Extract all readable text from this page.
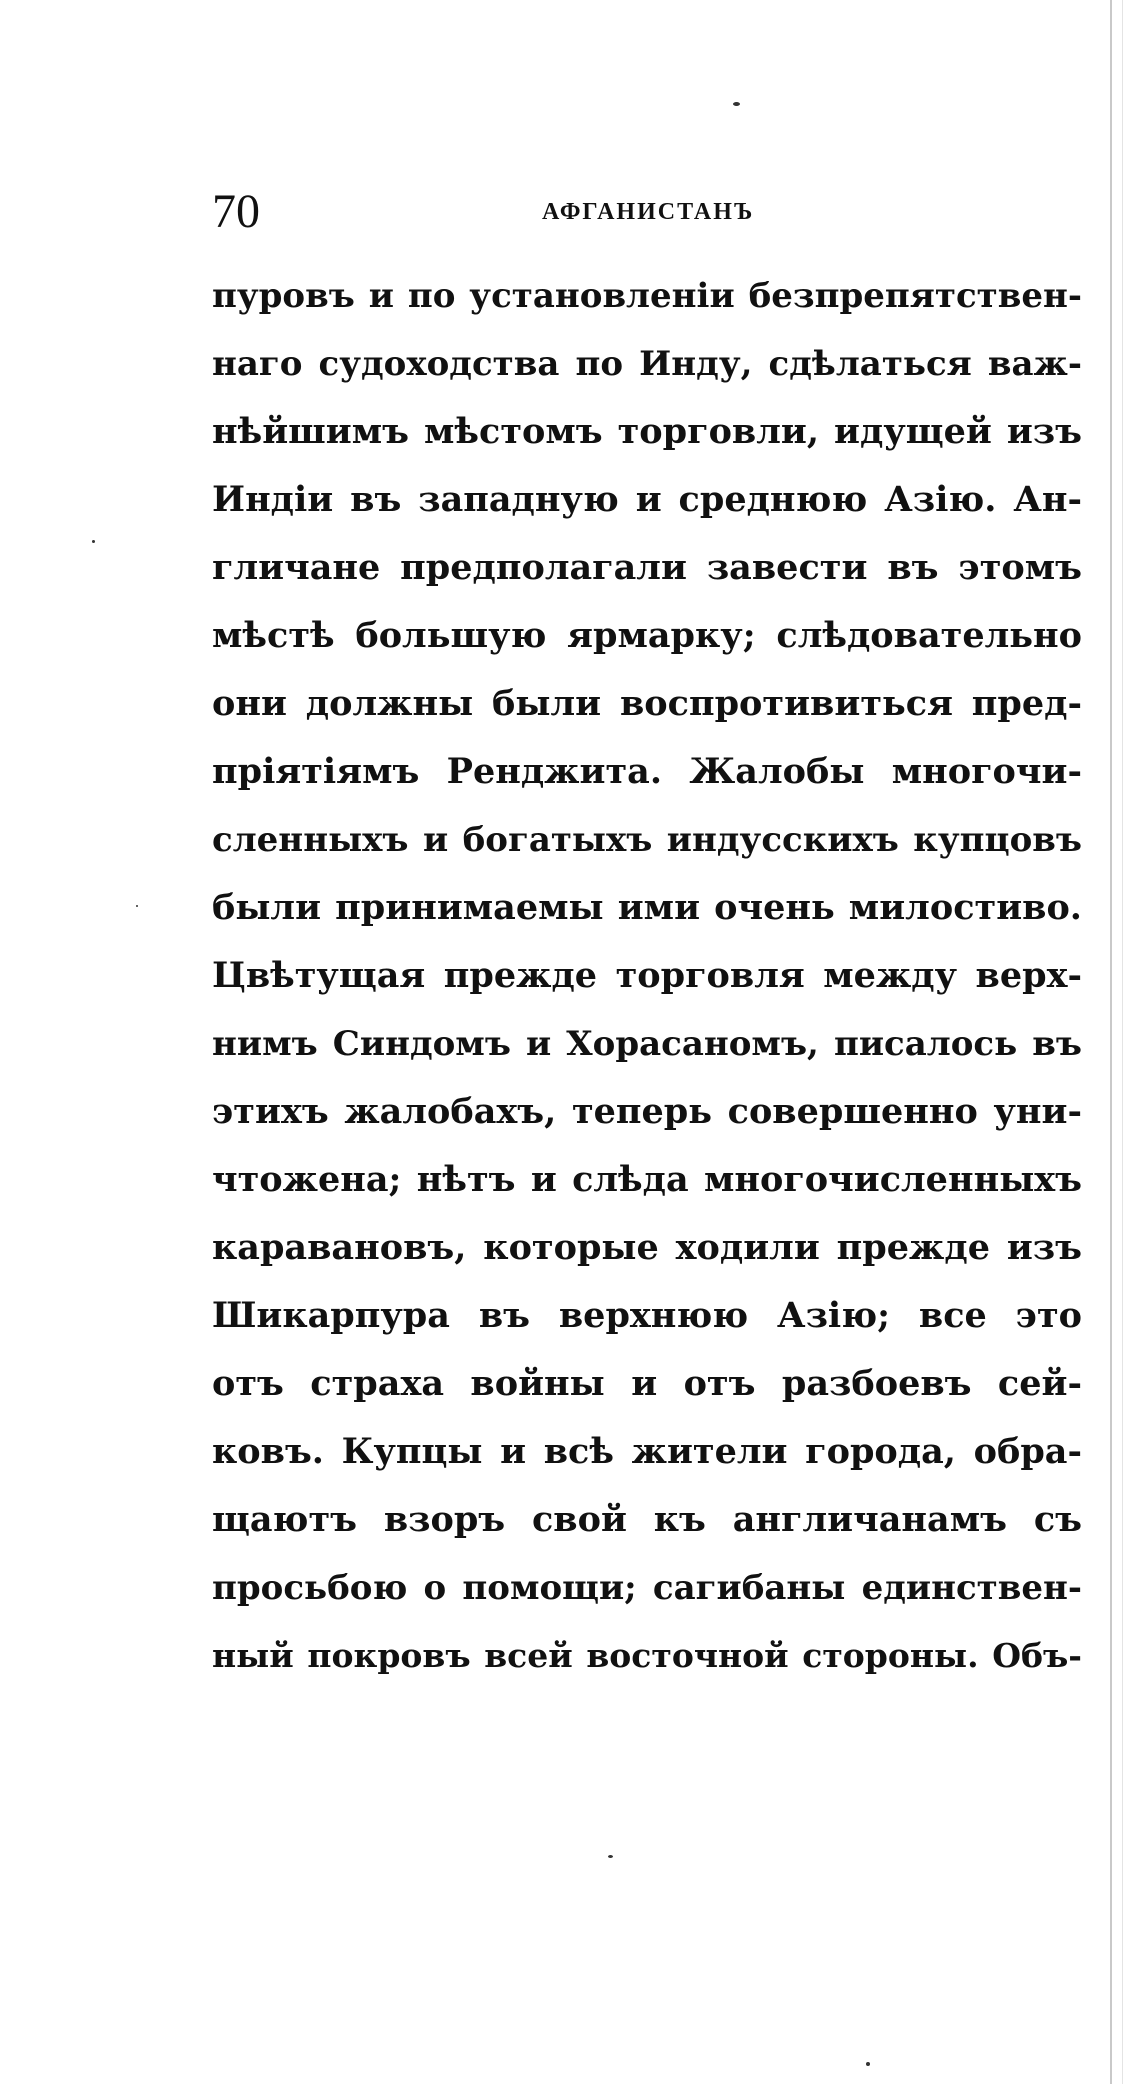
70	АФГАНИСТАНЪ
пуровъ и по установленіи безпрепятствен-
наго судоходства по Инду, сдѣлаться важ-
нѣйшимъ мѣстомъ торговли, идущей изъ
Индіи въ западную и среднюю Азію. Ан-
гличане предполагали завести въ этомъ
мѣстѣ большую ярмарку; слѣдовательно
они должны были воспротивиться пред-
пріятіямъ Ренджита. Жалобы многочи-
сленныхъ и богатыхъ индусскихъ купцовъ
были принимаемы ими очень милостиво.
Цвѣтущая прежде торговля между верх-
нимъ Синдомъ и Хорасаномъ, писалось въ
этихъ жалобахъ, теперь совершенно уни-
чтожена; нѣтъ и слѣда многочисленныхъ
каравановъ, которые ходили прежде изъ
Шикарпура въ верхнюю Азію; все это
отъ страха войны и отъ разбоевъ сей-
ковъ. Купцы и всѣ жители города, обра-
щаютъ взоръ свой къ англичанамъ съ
просьбою о помощи; сагибаны единствен-
ный покровъ всей восточной стороны. Объ-
